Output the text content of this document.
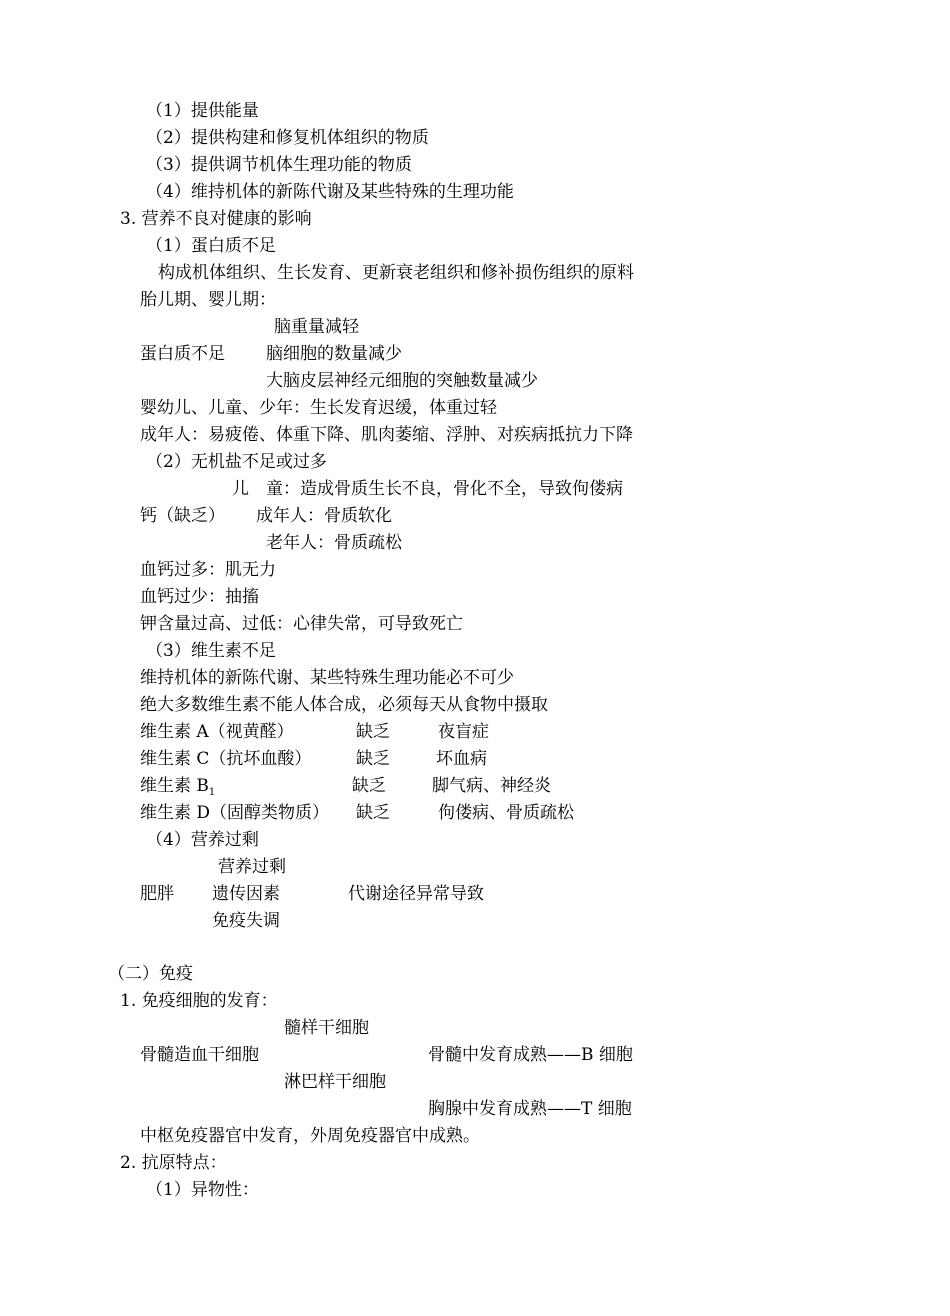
（1）提供能量
（2）提供构建和修复机体组织的物质
（3）提供调节机体生理功能的物质
（4）维持机体的新陈代谢及某些特殊的生理功能
3. 营养不良对健康的影响
（1）蛋白质不足
构成机体组织、生长发育、更新衰老组织和修补损伤组织的原料
胎儿期、婴儿期：
脑重量减轻
蛋白质不足 脑细胞的数量减少
大脑皮层神经元细胞的突触数量减少
婴幼儿、儿童、少年：生长发育迟缓，体重过轻
成年人：易疲倦、体重下降、肌肉萎缩、浮肿、对疾病抵抗力下降
（2）无机盐不足或过多
儿　童：造成骨质生长不良，骨化不全，导致佝偻病
钙（缺乏） 成年人：骨质软化
老年人：骨质疏松
血钙过多：肌无力
血钙过少：抽搐
钾含量过高、过低：心律失常，可导致死亡
（3）维生素不足
维持机体的新陈代谢、某些特殊生理功能必不可少
绝大多数维生素不能人体合成，必须每天从食物中摄取
维生素 A（视黄醛）	缺乏	夜盲症
维生素 C（抗坏血酸）	缺乏	坏血病
维生素 $B_1$	缺乏	脚气病、神经炎
维生素 D（固醇类物质） 缺乏	佝偻病、骨质疏松
（4）营养过剩
营养过剩
肥胖 遗传因素	代谢途径异常导致
免疫失调
（二）免疫
1. 免疫细胞的发育：
髓样干细胞
骨髓造血干细胞	骨髓中发育成熟——B 细胞
淋巴样干细胞
胸腺中发育成熟——T 细胞
中枢免疫器官中发育，外周免疫器官中成熟。
2. 抗原特点：
（1）异物性：
